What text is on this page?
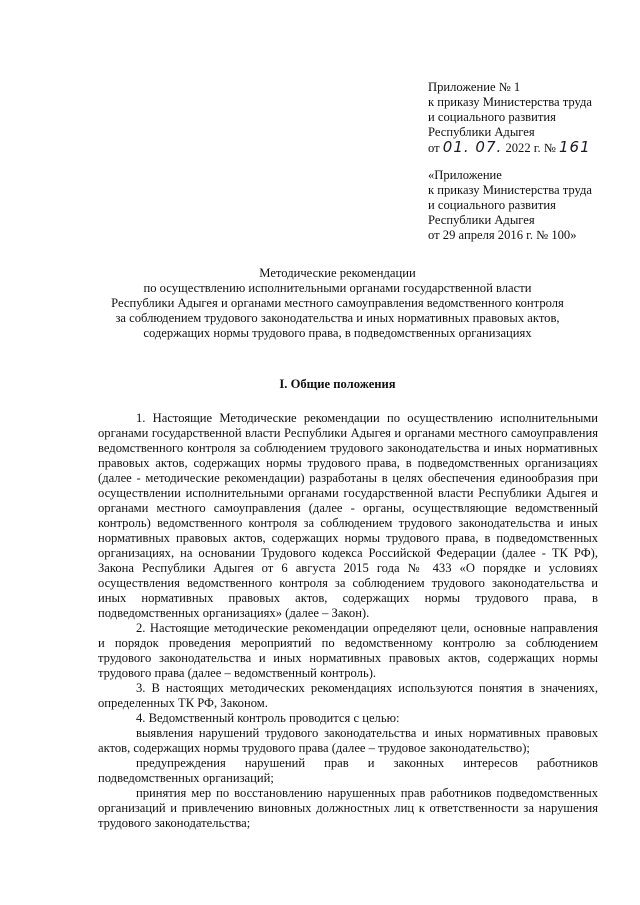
Приложение № 1
к приказу Министерства труда
и социального развития
Республики Адыгея
от 01. 07. 2022 г. № 161
«Приложение
к приказу Министерства труда
и социального развития
Республики Адыгея
от 29 апреля 2016 г. № 100»
Методические рекомендации
по осуществлению исполнительными органами государственной власти
Республики Адыгея и органами местного самоуправления ведомственного контроля
за соблюдением трудового законодательства и иных нормативных правовых актов,
содержащих нормы трудового права, в подведомственных организациях
I. Общие положения

1. Настоящие Методические рекомендации по осуществлению исполнительными органами государственной власти Республики Адыгея и органами местного самоуправления ведомственного контроля за соблюдением трудового законодательства и иных нормативных правовых актов, содержащих нормы трудового права, в подведомственных организациях (далее - методические рекомендации) разработаны в целях обеспечения единообразия при осуществлении исполнительными органами государственной власти Республики Адыгея и органами местного самоуправления (далее - органы, осуществляющие ведомственный контроль) ведомственного контроля за соблюдением трудового законодательства и иных нормативных правовых актов, содержащих нормы трудового права, в подведомственных организациях, на основании Трудового кодекса Российской Федерации (далее - ТК РФ), Закона Республики Адыгея от 6 августа 2015 года № 433 «О порядке и условиях осуществления ведомственного контроля за соблюдением трудового законодательства и иных нормативных правовых актов, содержащих нормы трудового права, в подведомственных организациях» (далее – Закон).

2. Настоящие методические рекомендации определяют цели, основные направления и порядок проведения мероприятий по ведомственному контролю за соблюдением трудового законодательства и иных нормативных правовых актов, содержащих нормы трудового права (далее – ведомственный контроль).

3. В настоящих методических рекомендациях используются понятия в значениях, определенных ТК РФ, Законом.

4. Ведомственный контроль проводится с целью:

выявления нарушений трудового законодательства и иных нормативных правовых актов, содержащих нормы трудового права (далее – трудовое законодательство);

предупреждения нарушений прав и законных интересов работников подведомственных организаций;

принятия мер по восстановлению нарушенных прав работников подведомственных организаций и привлечению виновных должностных лиц к ответственности за нарушения трудового законодательства;
